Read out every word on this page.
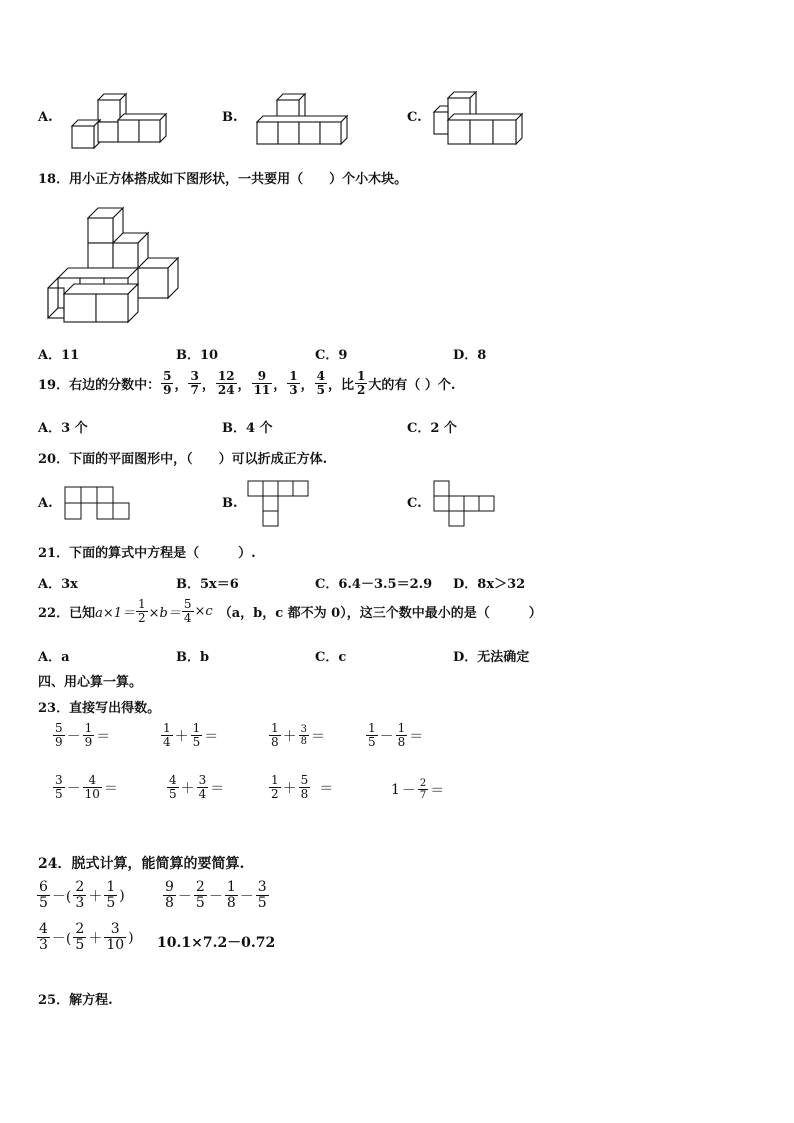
A.	B.	C.
18．用小正方体搭成如下图形状，一共要用（　　）个小木块。
A．11	B．10	C．9	D．8
19．右边的分数中：
5
9 ，
3
7 ，
12
24 ，
9
11 ，
1
3 ，
4
5 ， 比
1
2 大的有（ ）个.
A．3 个	B．4 个	C．2 个
20．下面的平面图形中，（　　）可以折成正方体.
A.	B.	C.
21．下面的算式中方程是（　　　）.
A．3x	B．5x＝6	C．6.4－3.5＝2.9 D．8x＞32
22．已知 $a\times 1= \frac{1}{2} \times b= \frac{5}{4} \times c$ （a，b，c 都不为 0），这三个数中最小的是（　　　）
A．a	B．b	C．c	D．无法确定
四、用心算一算。
23．直接写出得数。
$\frac{5}{9} - \frac{1}{9}$ ＝	$\frac{1}{4} + \frac{1}{5}$ ＝	$\frac{1}{8} + \frac{3}{8}$ ＝	$\frac{1}{5} - \frac{1}{8}$ ＝
$\frac{3}{5} - \frac{4}{10}$ ＝	$\frac{4}{5} + \frac{3}{4}$ ＝	$\frac{1}{2} + \frac{5}{8}$ ＝	$1 - \frac{2}{7}$ ＝
24．脱式计算，能简算的要简算.
$\frac{6}{5}$ －( $\frac{2}{3} + \frac{1}{5}$ )	$\frac{9}{8} - \frac{2}{5} - \frac{1}{8} - \frac{3}{5}$
$\frac{4}{3}$ －( $\frac{2}{5} + \frac{3}{10}$ ) 10.1×7.2－0.72
25．解方程.
